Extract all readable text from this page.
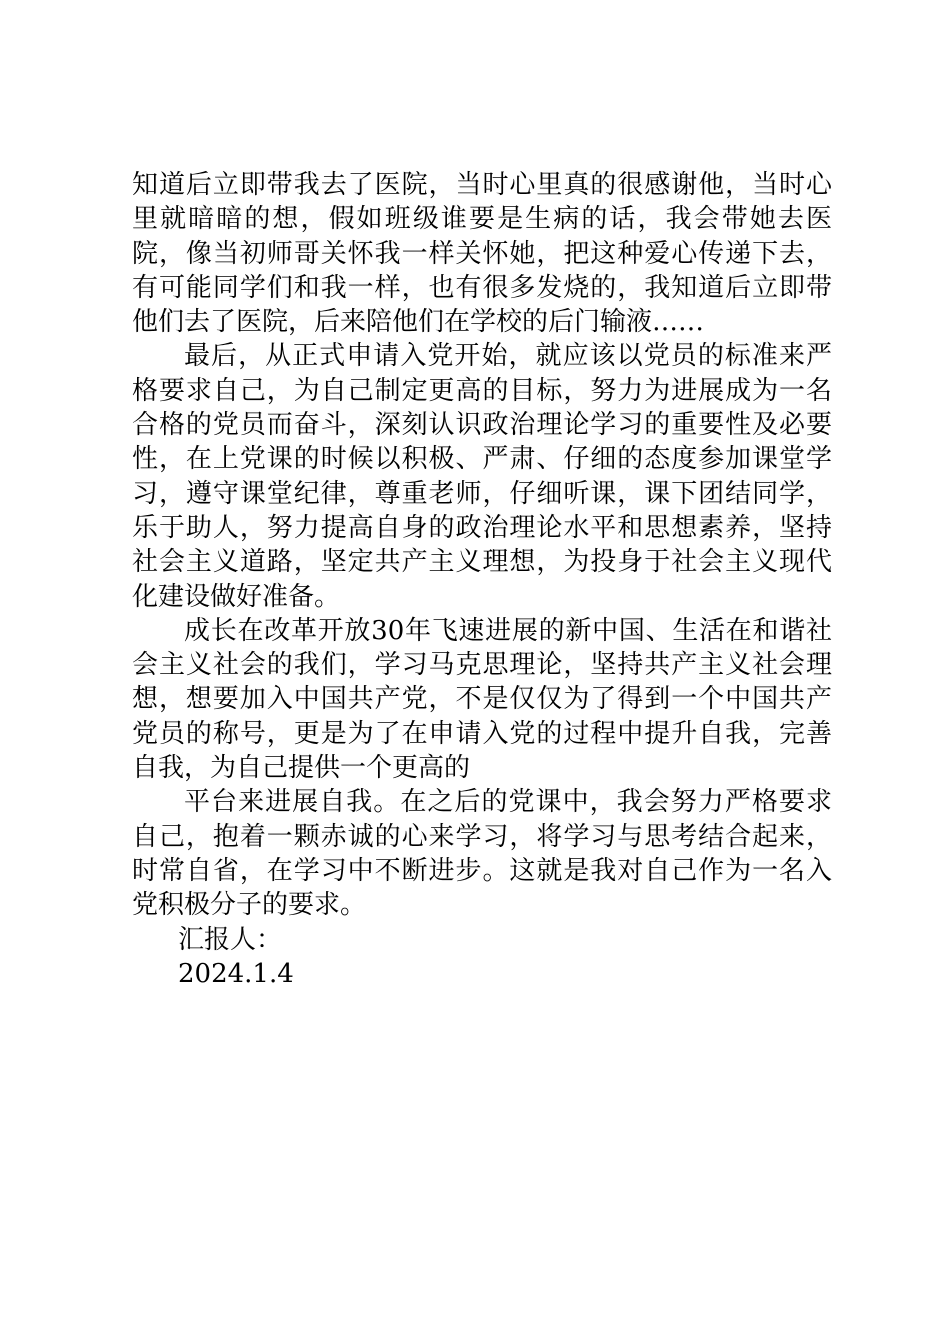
知道后立即带我去了医院，当时心里真的很感谢他，当时心里就暗暗的想，假如班级谁要是生病的话，我会带她去医院，像当初师哥关怀我一样关怀她，把这种爱心传递下去，有可能同学们和我一样，也有很多发烧的，我知道后立即带他们去了医院，后来陪他们在学校的后门输液……

最后，从正式申请入党开始，就应该以党员的标准来严格要求自己，为自己制定更高的目标，努力为进展成为一名合格的党员而奋斗，深刻认识政治理论学习的重要性及必要性，在上党课的时候以积极、严肃、仔细的态度参加课堂学习，遵守课堂纪律，尊重老师，仔细听课，课下团结同学，乐于助人，努力提高自身的政治理论水平和思想素养，坚持社会主义道路，坚定共产主义理想，为投身于社会主义现代化建设做好准备。

成长在改革开放30年飞速进展的新中国、生活在和谐社会主义社会的我们，学习马克思理论，坚持共产主义社会理想，想要加入中国共产党，不是仅仅为了得到一个中国共产党员的称号，更是为了在申请入党的过程中提升自我，完善自我，为自己提供一个更高的

平台来进展自我。在之后的党课中，我会努力严格要求自己，抱着一颗赤诚的心来学习，将学习与思考结合起来，时常自省，在学习中不断进步。这就是我对自己作为一名入党积极分子的要求。

汇报人：

2024.1.4
